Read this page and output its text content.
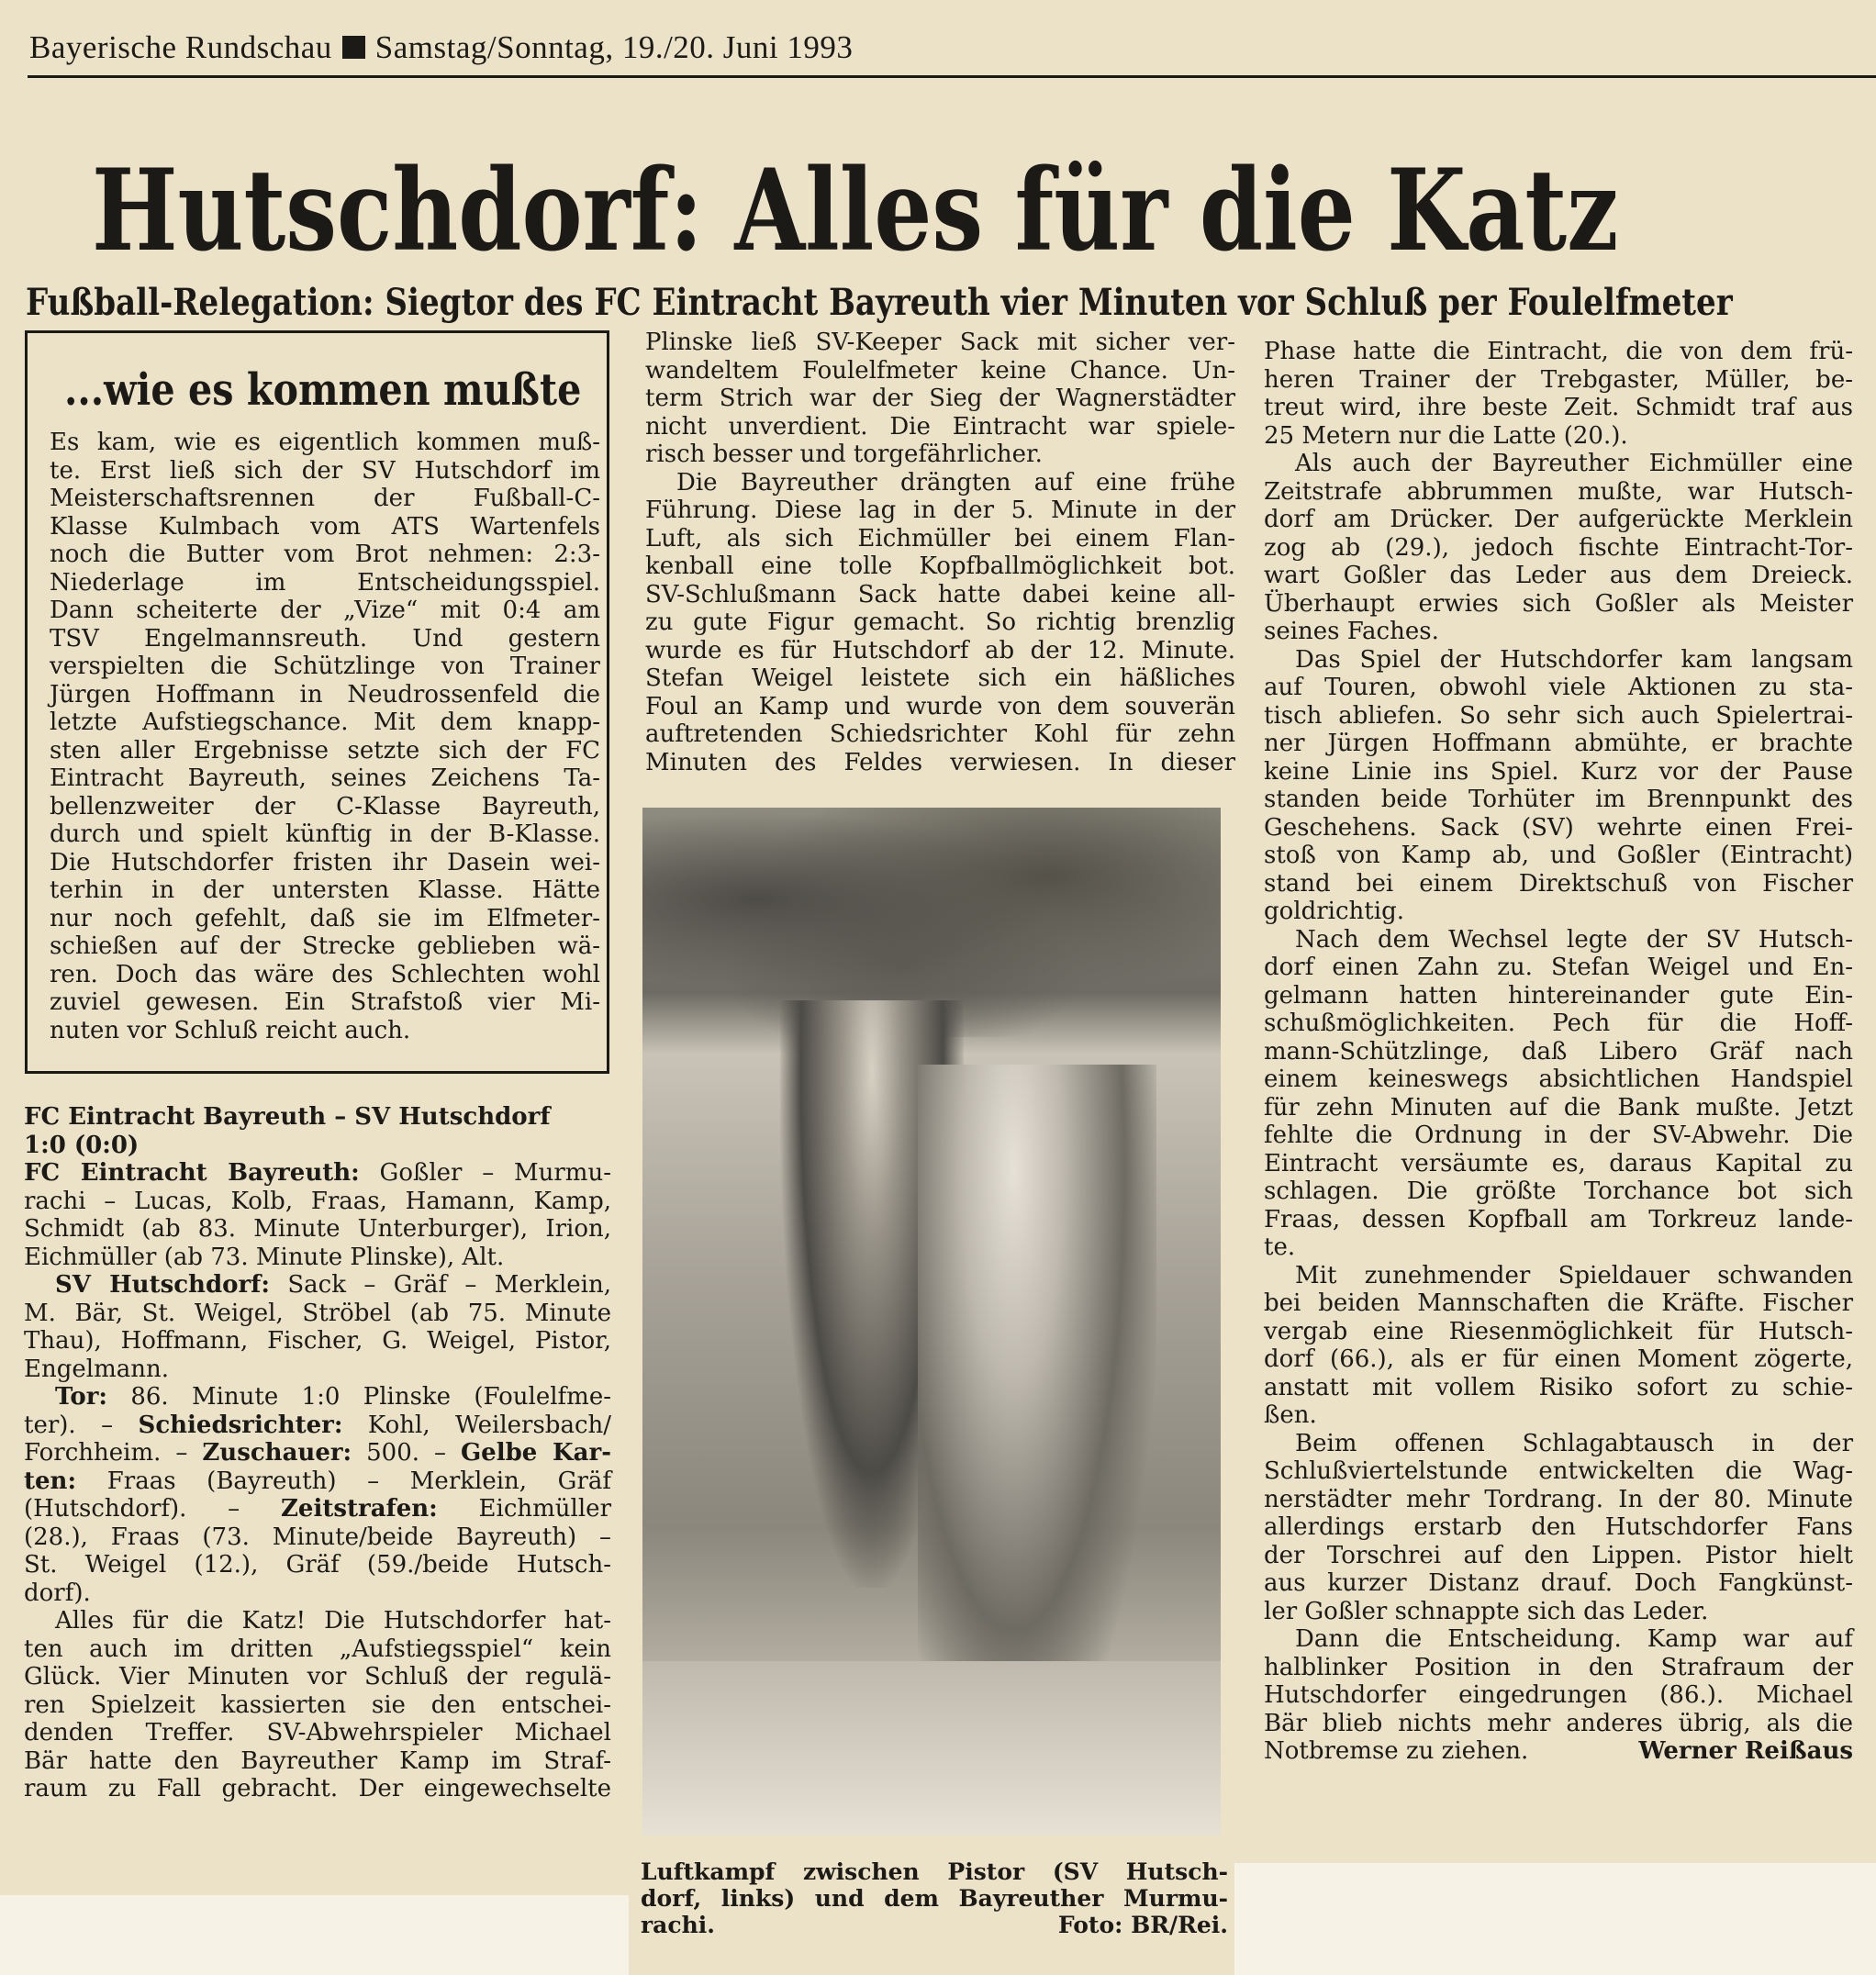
Bayerische Rundschau Samstag/Sonntag, 19./20. Juni 1993
Hutschdorf: Alles für die Katz
Fußball-Relegation: Siegtor des FC Eintracht Bayreuth vier Minuten vor Schluß per Foulelfmeter
...wie es kommen mußte

Es kam, wie es eigentlich kommen muß-

te. Erst ließ sich der SV Hutschdorf im

Meisterschaftsrennen der Fußball-C-

Klasse Kulmbach vom ATS Wartenfels

noch die Butter vom Brot nehmen: 2:3-

Niederlage im Entscheidungsspiel.

Dann scheiterte der „Vize“ mit 0:4 am

TSV Engelmannsreuth. Und gestern

verspielten die Schützlinge von Trainer

Jürgen Hoffmann in Neudrossenfeld die

letzte Aufstiegschance. Mit dem knapp-

sten aller Ergebnisse setzte sich der FC

Eintracht Bayreuth, seines Zeichens Ta-

bellenzweiter der C-Klasse Bayreuth,

durch und spielt künftig in der B-Klasse.

Die Hutschdorfer fristen ihr Dasein wei-

terhin in der untersten Klasse. Hätte

nur noch gefehlt, daß sie im Elfmeter-

schießen auf der Strecke geblieben wä-

ren. Doch das wäre des Schlechten wohl

zuviel gewesen. Ein Strafstoß vier Mi-

nuten vor Schluß reicht auch.

FC Eintracht Bayreuth – SV Hutschdorf

1:0 (0:0)

FC Eintracht Bayreuth: Goßler – Murmu-

rachi – Lucas, Kolb, Fraas, Hamann, Kamp,

Schmidt (ab 83. Minute Unterburger), Irion,

Eichmüller (ab 73. Minute Plinske), Alt.

SV Hutschdorf: Sack – Gräf – Merklein,

M. Bär, St. Weigel, Ströbel (ab 75. Minute

Thau), Hoffmann, Fischer, G. Weigel, Pistor,

Engelmann.

Tor: 86. Minute 1:0 Plinske (Foulelfme-

ter). – Schiedsrichter: Kohl, Weilersbach/

Forchheim. – Zuschauer: 500. – Gelbe Kar-

ten: Fraas (Bayreuth) – Merklein, Gräf

(Hutschdorf). – Zeitstrafen: Eichmüller

(28.), Fraas (73. Minute/beide Bayreuth) –

St. Weigel (12.), Gräf (59./beide Hutsch-

dorf).

Alles für die Katz! Die Hutschdorfer hat-

ten auch im dritten „Aufstiegsspiel“ kein

Glück. Vier Minuten vor Schluß der regulä-

ren Spielzeit kassierten sie den entschei-

denden Treffer. SV-Abwehrspieler Michael

Bär hatte den Bayreuther Kamp im Straf-

raum zu Fall gebracht. Der eingewechselte

Plinske ließ SV-Keeper Sack mit sicher ver-

wandeltem Foulelfmeter keine Chance. Un-

term Strich war der Sieg der Wagnerstädter

nicht unverdient. Die Eintracht war spiele-

risch besser und torgefährlicher.

Die Bayreuther drängten auf eine frühe

Führung. Diese lag in der 5. Minute in der

Luft, als sich Eichmüller bei einem Flan-

kenball eine tolle Kopfballmöglichkeit bot.

SV-Schlußmann Sack hatte dabei keine all-

zu gute Figur gemacht. So richtig brenzlig

wurde es für Hutschdorf ab der 12. Minute.

Stefan Weigel leistete sich ein häßliches

Foul an Kamp und wurde von dem souverän

auftretenden Schiedsrichter Kohl für zehn

Minuten des Feldes verwiesen. In dieser

Luftkampf zwischen Pistor (SV Hutsch-

dorf, links) und dem Bayreuther Murmu-

rachi.	Foto: BR/Rei.

Phase hatte die Eintracht, die von dem frü-

heren Trainer der Trebgaster, Müller, be-

treut wird, ihre beste Zeit. Schmidt traf aus

25 Metern nur die Latte (20.).

Als auch der Bayreuther Eichmüller eine

Zeitstrafe abbrummen mußte, war Hutsch-

dorf am Drücker. Der aufgerückte Merklein

zog ab (29.), jedoch fischte Eintracht-Tor-

wart Goßler das Leder aus dem Dreieck.

Überhaupt erwies sich Goßler als Meister

seines Faches.

Das Spiel der Hutschdorfer kam langsam

auf Touren, obwohl viele Aktionen zu sta-

tisch abliefen. So sehr sich auch Spielertrai-

ner Jürgen Hoffmann abmühte, er brachte

keine Linie ins Spiel. Kurz vor der Pause

standen beide Torhüter im Brennpunkt des

Geschehens. Sack (SV) wehrte einen Frei-

stoß von Kamp ab, und Goßler (Eintracht)

stand bei einem Direktschuß von Fischer

goldrichtig.

Nach dem Wechsel legte der SV Hutsch-

dorf einen Zahn zu. Stefan Weigel und En-

gelmann hatten hintereinander gute Ein-

schußmöglichkeiten. Pech für die Hoff-

mann-Schützlinge, daß Libero Gräf nach

einem keineswegs absichtlichen Handspiel

für zehn Minuten auf die Bank mußte. Jetzt

fehlte die Ordnung in der SV-Abwehr. Die

Eintracht versäumte es, daraus Kapital zu

schlagen. Die größte Torchance bot sich

Fraas, dessen Kopfball am Torkreuz lande-

te.

Mit zunehmender Spieldauer schwanden

bei beiden Mannschaften die Kräfte. Fischer

vergab eine Riesenmöglichkeit für Hutsch-

dorf (66.), als er für einen Moment zögerte,

anstatt mit vollem Risiko sofort zu schie-

ßen.

Beim offenen Schlagabtausch in der

Schlußviertelstunde entwickelten die Wag-

nerstädter mehr Tordrang. In der 80. Minute

allerdings erstarb den Hutschdorfer Fans

der Torschrei auf den Lippen. Pistor hielt

aus kurzer Distanz drauf. Doch Fangkünst-

ler Goßler schnappte sich das Leder.

Dann die Entscheidung. Kamp war auf

halblinker Position in den Strafraum der

Hutschdorfer eingedrungen (86.). Michael

Bär blieb nichts mehr anderes übrig, als die

Notbremse zu ziehen.	Werner Reißaus
